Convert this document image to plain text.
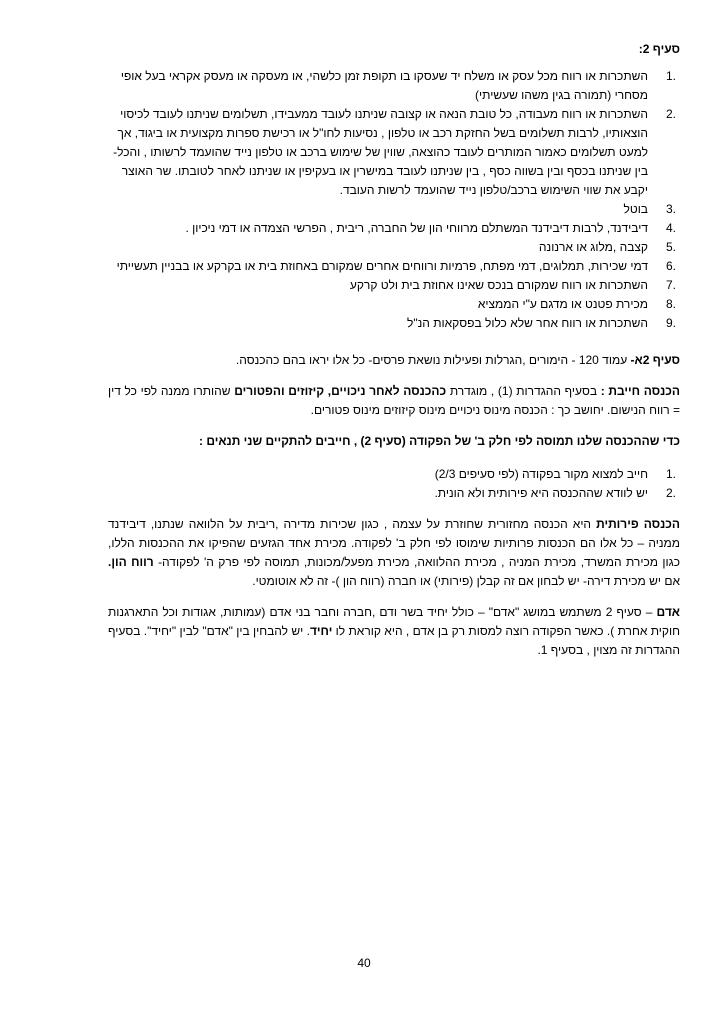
סעיף 2:
.1
השתכרות או רווח מכל עסק או משלח יד שעסקו בו תקופת זמן כלשהי, או מעסקה או מעסק אקראי בעל אופי מסחרי (תמורה בגין משהו שעשיתי)
.2
השתכרות או רווח מעבודה, כל טובת הנאה או קצובה שניתנו לעובד ממעבידו, תשלומים שניתנו לעובד לכיסוי הוצאותיו, לרבות תשלומים בשל החזקת רכב או טלפון , נסיעות לחו"ל או רכישת ספרות מקצועית או ביגוד, אך למעט תשלומים כאמור המותרים לעובד כהוצאה, שווין של שימוש ברכב או טלפון נייד שהועמד לרשותו , והכל- בין שניתנו בכסף ובין בשווה כסף , בין שניתנו לעובד במישרין או בעקיפין או שניתנו לאחר לטובתו. שר האוצר יקבע את שווי השימוש ברכב/טלפון נייד שהועמד לרשות העובד.
.3
בוטל
.4
דיבידנד, לרבות דיבידנד המשתלם מרווחי הון של החברה, ריבית , הפרשי הצמדה או דמי ניכיון .
.5
קצבה ,מלוג או ארנונה
.6
דמי שכירות, תמלוגים, דמי מפתח, פרמיות ורווחים אחרים שמקורם באחוזת בית או בקרקע או בבניין תעשייתי
.7
השתכרות או רווח שמקורם בנכס שאינו אחוזת בית ולט קרקע
.8
מכירת פטנט או מדגם ע"י הממציא
.9
השתכרות או רווח אחר שלא כלול בפסקאות הנ"ל

סעיף 2א- עמוד 120 - הימורים ,הגרלות ופעילות נושאת פרסים- כל אלו יראו בהם כהכנסה.

הכנסה חייבת : בסעיף ההגדרות (1) , מוגדרת כהכנסה לאחר ניכויים, קיזוזים והפטורים שהותרו ממנה לפי כל דין = רווח הנישום. יחושב כך : הכנסה מינוס ניכויים מינוס קיזוזים מינוס פטורים.

כדי שההכנסה שלנו תמוסה לפי חלק ב' של הפקודה (סעיף 2) , חייבים להתקיים שני תנאים :

.1
חייב למצוא מקור בפקודה (לפי סעיפים 2/3)
.2
יש לוודא שההכנסה היא פירותית ולא הונית.

הכנסה פירותית היא הכנסה מחזורית שחוזרת על עצמה , כגון שכירות מדירה ,ריבית על הלוואה שנתנו, דיבידנד ממניה – כל אלו הם הכנסות פרותיות שימוסו לפי חלק ב' לפקודה. מכירת אחד הגזעים שהפיקו את ההכנסות הללו, כגון מכירת המשרד, מכירת המניה , מכירת ההלוואה, מכירת מפעל/מכונות, תמוסה לפי פרק ה' לפקודה- רווח הון. אם יש מכירת דירה- יש לבחון אם זה קבלן (פירותי) או חברה (רווח הון )- זה לא אוטומטי.

אדם – סעיף 2 משתמש במושג "אדם" – כולל יחיד בשר ודם ,חברה וחבר בני אדם (עמותות, אגודות וכל התארגנות חוקית אחרת ). כאשר הפקודה רוצה למסות רק בן אדם , היא קוראת לו יחיד. יש להבחין בין "אדם" לבין "יחיד". בסעיף ההגדרות זה מצוין , בסעיף 1.

40
